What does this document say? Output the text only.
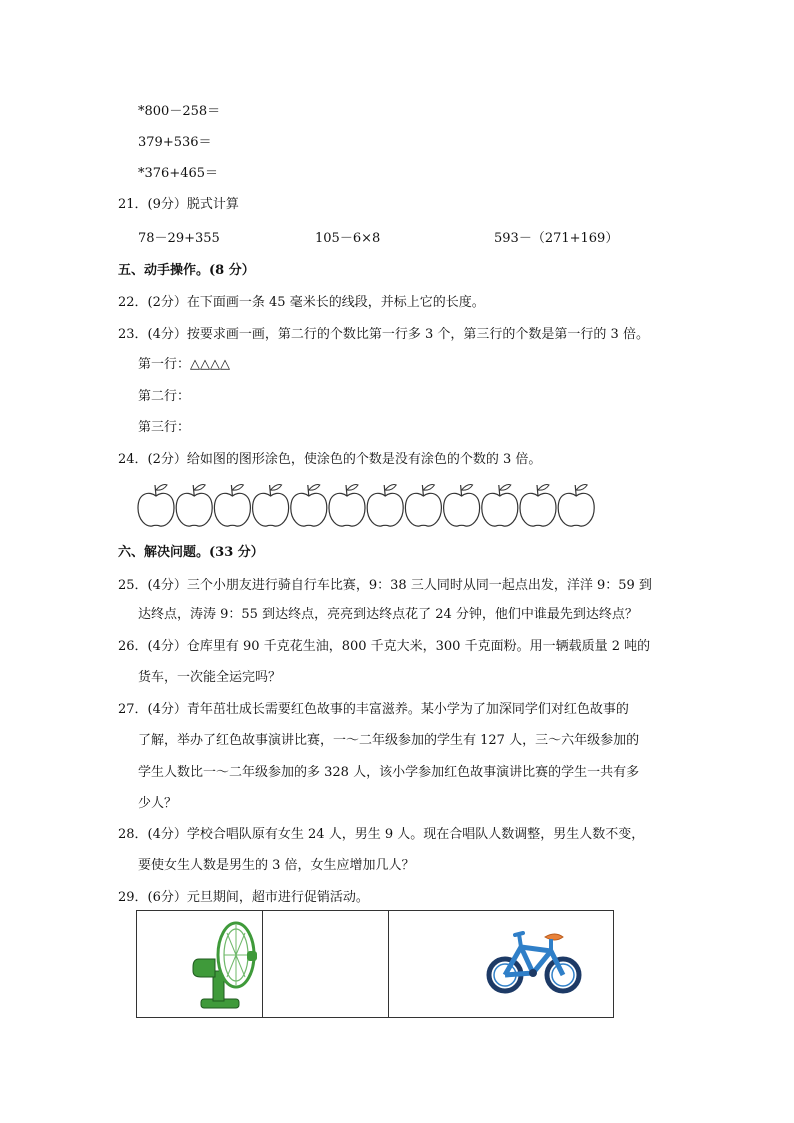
*800－258＝
379+536＝
*376+465＝
21．(9分）脱式计算
78－29+355	105－6×8	593－（271+169）
五、动手操作。(8 分）
22．(2分）在下面画一条 45 毫米长的线段，并标上它的长度。
23．(4分）按要求画一画，第二行的个数比第一行多 3 个，第三行的个数是第一行的 3 倍。
第一行：△△△△
第二行：
第三行：
24．(2分）给如图的图形涂色，使涂色的个数是没有涂色的个数的 3 倍。
六、解决问题。(33 分）
25．(4分）三个小朋友进行骑自行车比赛，9：38 三人同时从同一起点出发，洋洋 9：59 到
达终点，涛涛 9：55 到达终点，亮亮到达终点花了 24 分钟，他们中谁最先到达终点？
26．(4分）仓库里有 90 千克花生油，800 千克大米，300 千克面粉。用一辆载质量 2 吨的
货车，一次能全运完吗？
27．(4分）青年茁壮成长需要红色故事的丰富滋养。某小学为了加深同学们对红色故事的
了解，举办了红色故事演讲比赛，一～二年级参加的学生有 127 人，三～六年级参加的
学生人数比一～二年级参加的多 328 人，该小学参加红色故事演讲比赛的学生一共有多
少人？
28．(4分）学校合唱队原有女生 24 人，男生 9 人。现在合唱队人数调整，男生人数不变，
要使女生人数是男生的 3 倍，女生应增加几人？
29．(6分）元旦期间，超市进行促销活动。
